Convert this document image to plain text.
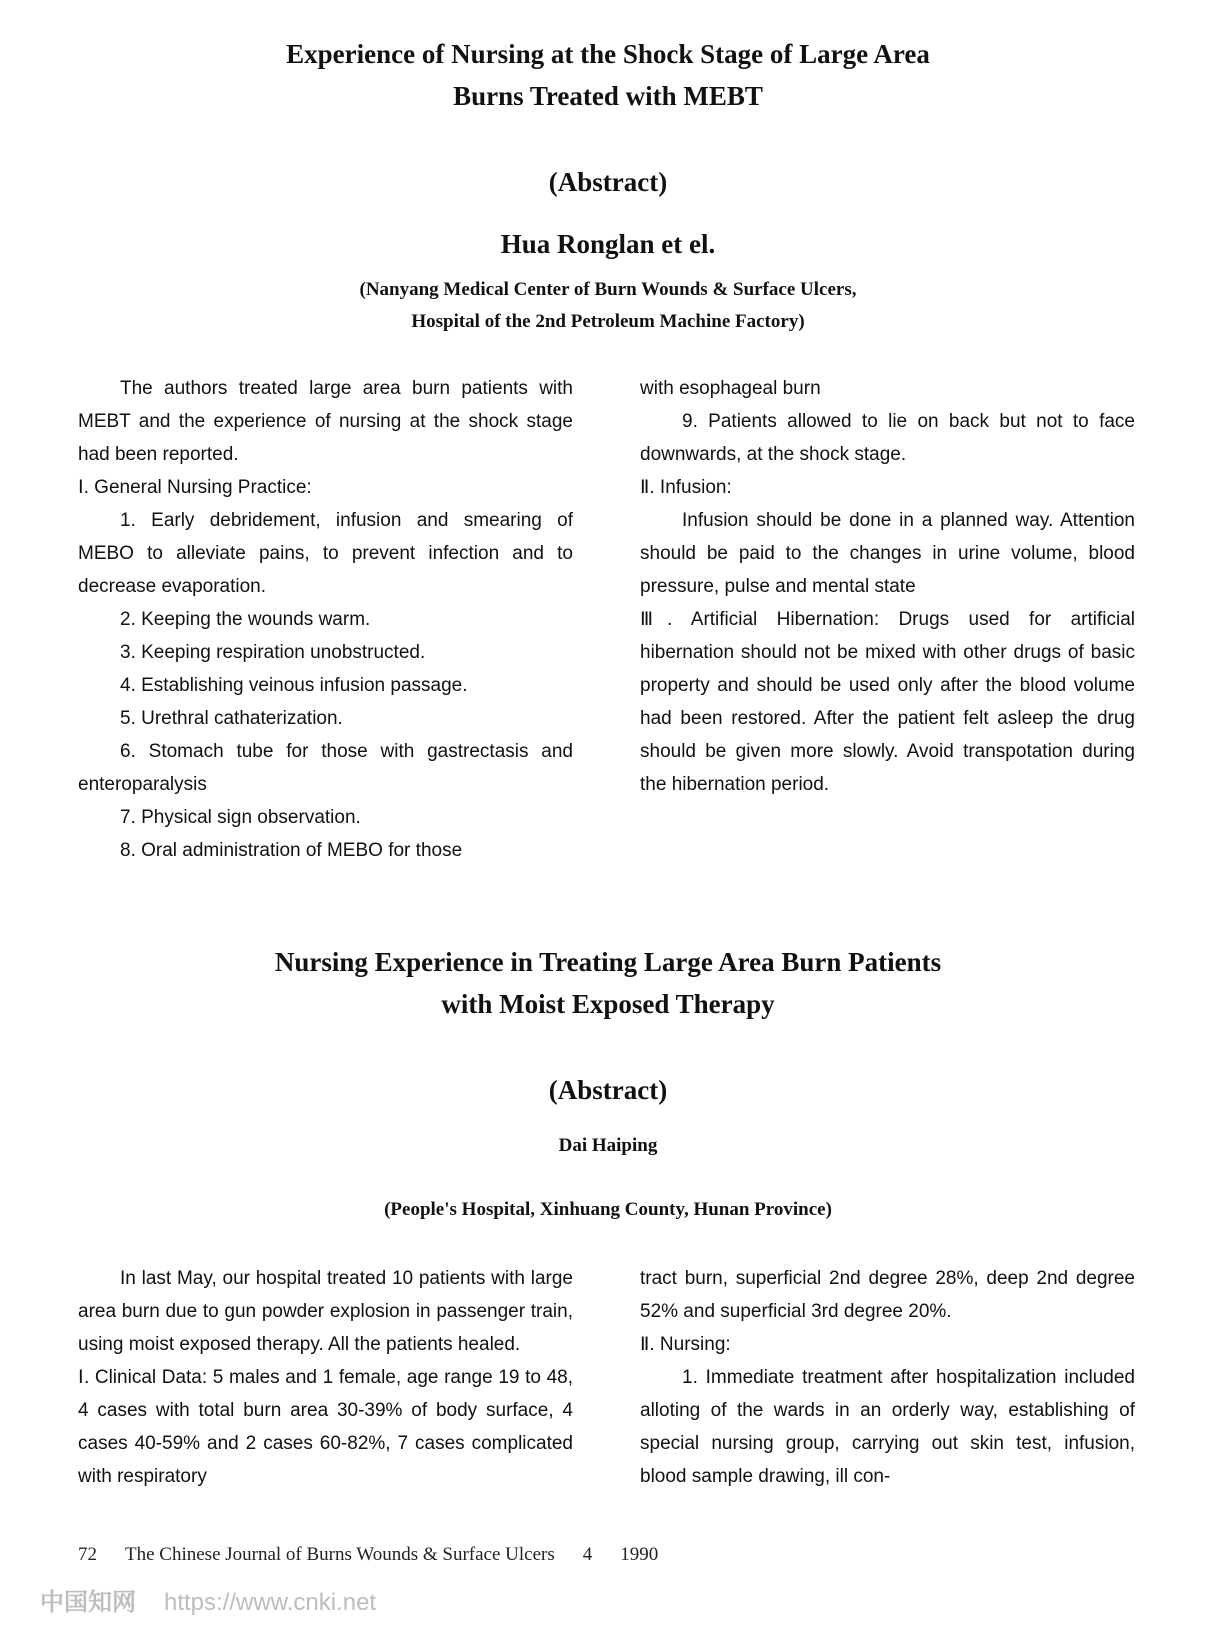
Experience of Nursing at the Shock Stage of Large Area
Burns Treated with MEBT
(Abstract)
Hua Ronglan et el.
(Nanyang Medical Center of Burn Wounds & Surface Ulcers,
Hospital of the 2nd Petroleum Machine Factory)

The authors treated large area burn patients with MEBT and the experience of nursing at the shock stage had been reported.

Ⅰ. General Nursing Practice:

1. Early debridement, infusion and smearing of MEBO to alleviate pains, to prevent infection and to decrease evaporation.

2. Keeping the wounds warm.

3. Keeping respiration unobstructed.

4. Establishing veinous infusion passage.

5. Urethral cathaterization.

6. Stomach tube for those with gastrectasis and enteroparalysis

7. Physical sign observation.

8. Oral administration of MEBO for those

with esophageal burn

9. Patients allowed to lie on back but not to face downwards, at the shock stage.

Ⅱ. Infusion:

Infusion should be done in a planned way. Attention should be paid to the changes in urine volume, blood pressure, pulse and mental state

Ⅲ. Artificial Hibernation: Drugs used for artificial hibernation should not be mixed with other drugs of basic property and should be used only after the blood volume had been restored. After the patient felt asleep the drug should be given more slowly. Avoid transpotation during the hibernation period.

Nursing Experience in Treating Large Area Burn Patients
with Moist Exposed Therapy
(Abstract)
Dai Haiping
(People's Hospital, Xinhuang County, Hunan Province)

In last May, our hospital treated 10 patients with large area burn due to gun powder explosion in passenger train, using moist exposed therapy. All the patients healed.

Ⅰ. Clinical Data: 5 males and 1 female, age range 19 to 48, 4 cases with total burn area 30-39% of body surface, 4 cases 40-59% and 2 cases 60-82%, 7 cases complicated with respiratory

tract burn, superficial 2nd degree 28%, deep 2nd degree 52% and superficial 3rd degree 20%.

Ⅱ. Nursing:

1. Immediate treatment after hospitalization included alloting of the wards in an orderly way, establishing of special nursing group, carrying out skin test, infusion, blood sample drawing, ill con-

72 The Chinese Journal of Burns Wounds & Surface Ulcers 4 1990
中国知网 https://www.cnki.net
